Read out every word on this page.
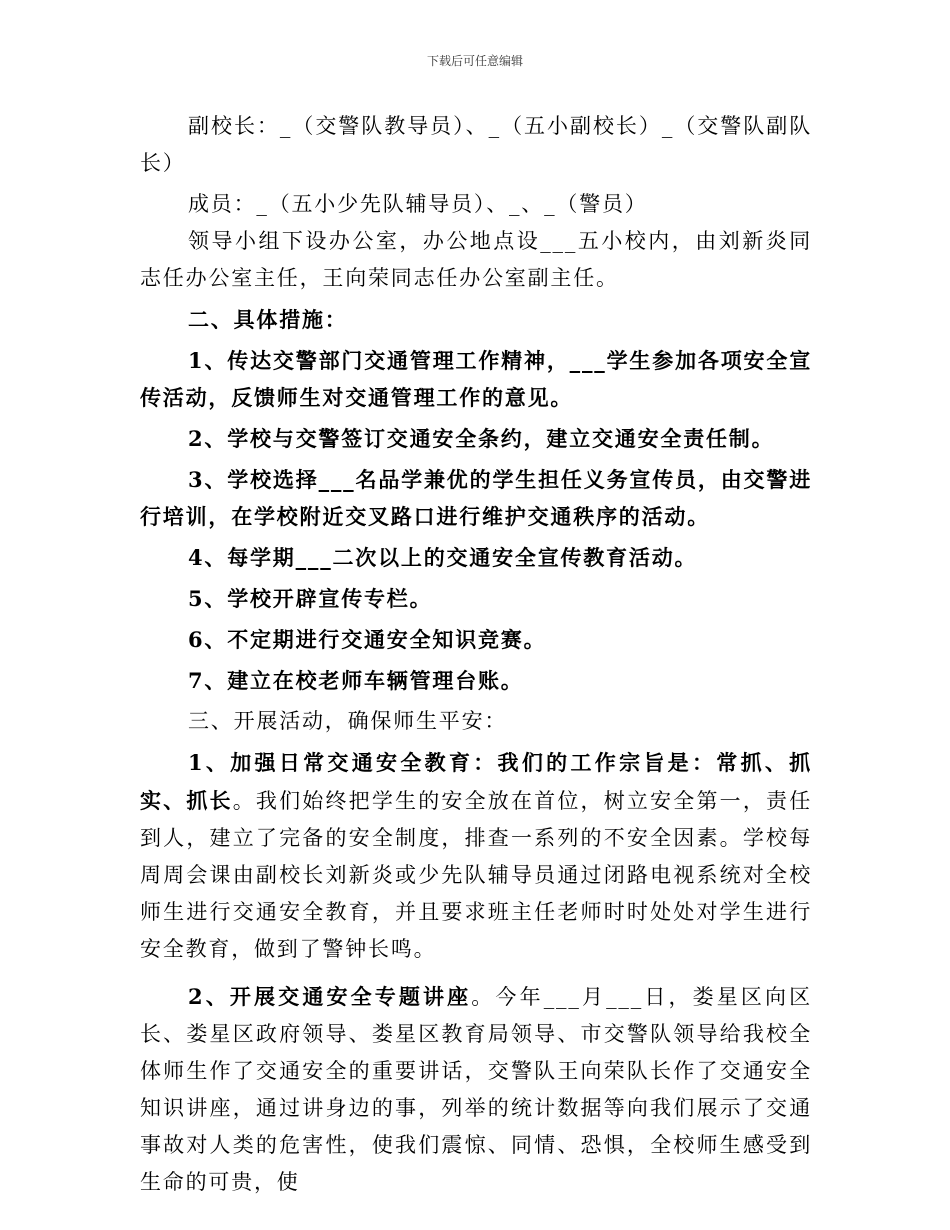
下载后可任意编辑

副校长：_（交警队教导员）、_（五小副校长）_（交警队副队长）

成员：_（五小少先队辅导员）、_、_（警员）

领导小组下设办公室，办公地点设___五小校内，由刘新炎同志任办公室主任，王向荣同志任办公室副主任。

二、具体措施：

1、传达交警部门交通管理工作精神，___学生参加各项安全宣传活动，反馈师生对交通管理工作的意见。

2、学校与交警签订交通安全条约，建立交通安全责任制。

3、学校选择___名品学兼优的学生担任义务宣传员，由交警进行培训，在学校附近交叉路口进行维护交通秩序的活动。

4、每学期___二次以上的交通安全宣传教育活动。

5、学校开辟宣传专栏。

6、不定期进行交通安全知识竞赛。

7、建立在校老师车辆管理台账。

三、开展活动，确保师生平安：

1、加强日常交通安全教育：我们的工作宗旨是：常抓、抓实、抓长。我们始终把学生的安全放在首位，树立安全第一，责任到人，建立了完备的安全制度，排查一系列的不安全因素。学校每周周会课由副校长刘新炎或少先队辅导员通过闭路电视系统对全校师生进行交通安全教育，并且要求班主任老师时时处处对学生进行安全教育，做到了警钟长鸣。

2、开展交通安全专题讲座。今年___月___日，娄星区向区长、娄星区政府领导、娄星区教育局领导、市交警队领导给我校全体师生作了交通安全的重要讲话，交警队王向荣队长作了交通安全知识讲座，通过讲身边的事，列举的统计数据等向我们展示了交通事故对人类的危害性，使我们震惊、同情、恐惧，全校师生感受到生命的可贵，使
